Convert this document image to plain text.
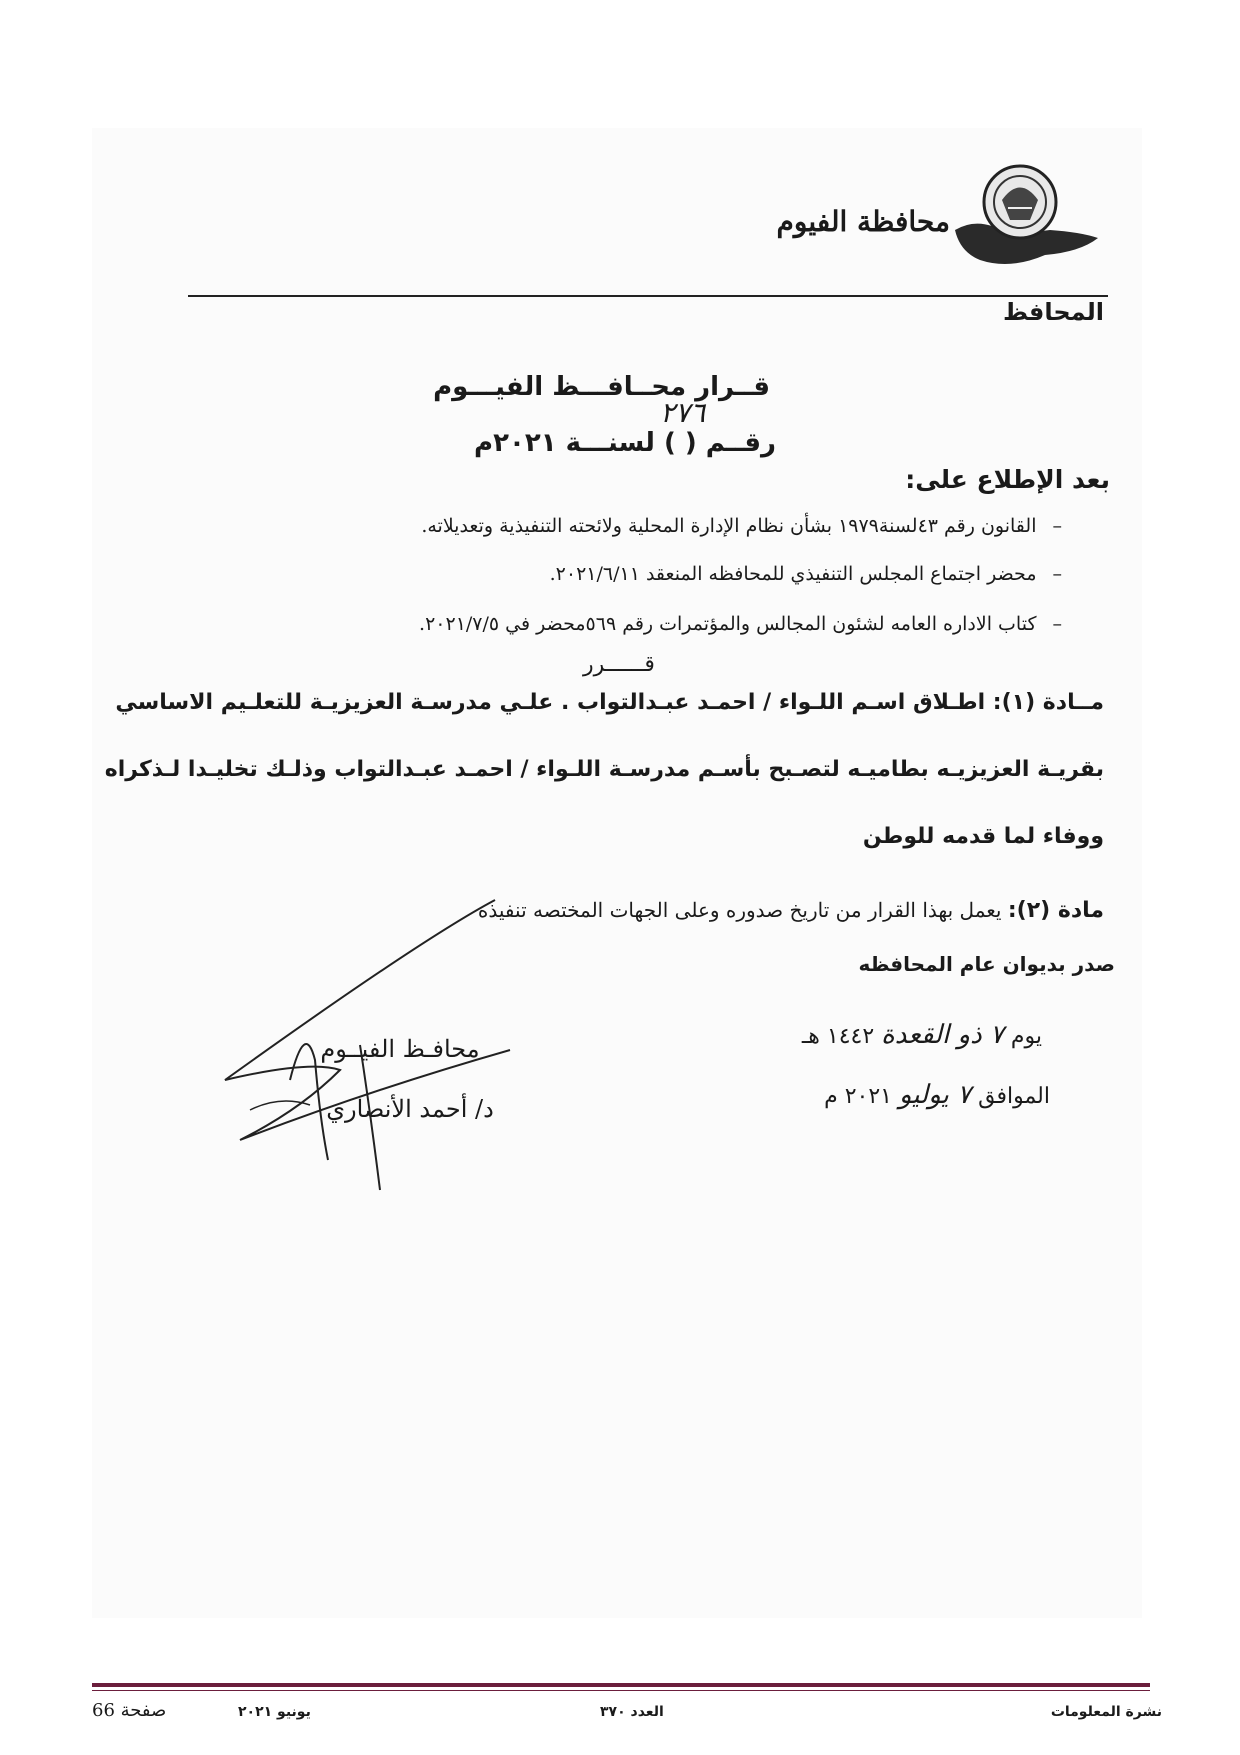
محافظة الفيوم
المحافظ
قــرار محــافـــظ الفيـــوم
٢٧٦
رقــم ( ) لسنـــة ٢٠٢١م
بعد الإطلاع على:
–القانون رقم ٤٣لسنة١٩٧٩ بشأن نظام الإدارة المحلية ولائحته التنفيذية وتعديلاته.
–محضر اجتماع المجلس التنفيذي للمحافظه المنعقد ٢٠٢١/٦/١١.
–كتاب الاداره العامه لشئون المجالس والمؤتمرات رقم ٥٦٩محضر في ٢٠٢١/٧/٥.
قــــــرر
مــادة (١): اطـلاق اسـم اللـواء / احمـد عبـدالتواب . علـي مدرسـة العزيزيـة للتعلـيم الاساسي
بقريـة العزيزيـه بطاميـه لتصـبح بأسـم مدرسـة اللـواء / احمـد عبـدالتواب وذلـك تخليـدا لـذكراه
ووفاء لما قدمه للوطن
مادة (٢): يعمل بهذا القرار من تاريخ صدوره وعلى الجهات المختصه تنفيذه
صدر بديوان عام المحافظه
يوم ٧ ذو القعدة ١٤٤٢ هـ
الموافق ٧ يوليو ٢٠٢١ م
محافـظ الفيــوم
د/ أحمد الأنصاري
نشرة المعلومات
العدد ٣٧٠
يونيو ٢٠٢١
صفحة 66
